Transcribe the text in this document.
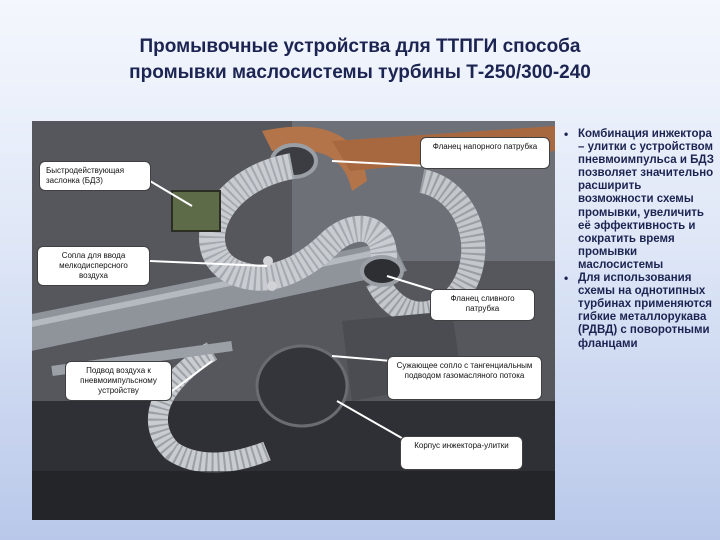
Промывочные устройства для ТТПГИ способа
промывки маслосистемы турбины Т-250/300-240
Фланец напорного патрубка
Быстродействующая заслонка (БДЗ)
Сопла для ввода мелкодисперсного воздуха
Фланец сливного патрубка
Подвод воздуха к пневмоимпульсному устройству
Сужающее сопло с тангенциальным подводом газомасляного потока
Корпус инжектора-улитки
• Комбинация инжектора – улитки с устройством пневмоимпульса и БДЗ позволяет значительно расширить возможности схемы промывки, увеличить её эффективность и сократить время промывки маслосистемы
• Для использования схемы на однотипных турбинах применяются гибкие металлорукава (РДВД) с поворотными фланцами
